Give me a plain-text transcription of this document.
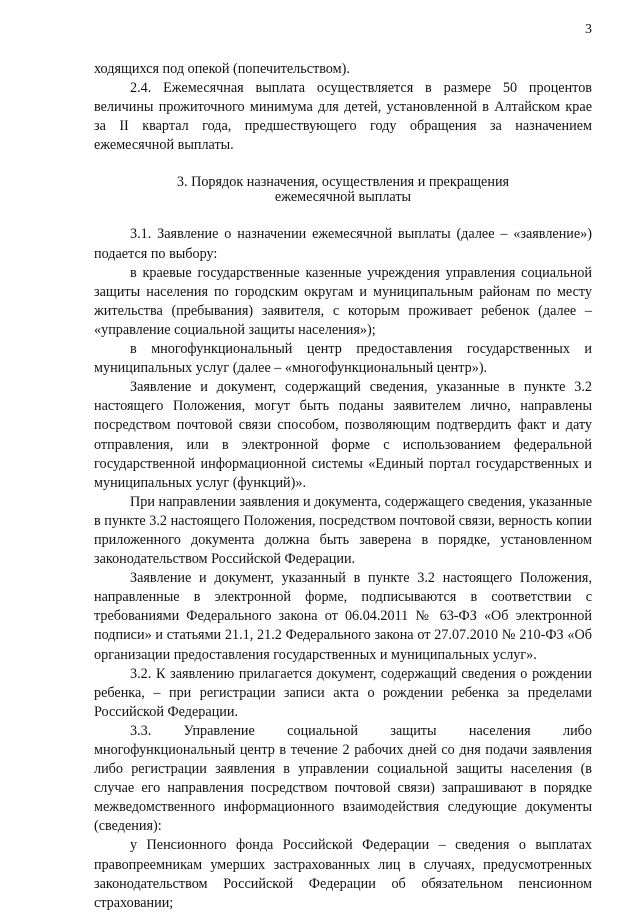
3

ходящихся под опекой (попечительством).

2.4. Ежемесячная выплата осуществляется в размере 50 процентов величины прожиточного минимума для детей, установленной в Алтайском крае за II квартал года, предшествующего году обращения за назначением ежемесячной выплаты.

3. Порядок назначения, осуществления и прекращения
ежемесячной выплаты

3.1. Заявление о назначении ежемесячной выплаты (далее – «заявление») подается по выбору:

в краевые государственные казенные учреждения управления социальной защиты населения по городским округам и муниципальным районам по месту жительства (пребывания) заявителя, с которым проживает ребенок (далее – «управление социальной защиты населения»);

в многофункциональный центр предоставления государственных и муниципальных услуг (далее – «многофункциональный центр»).

Заявление и документ, содержащий сведения, указанные в пункте 3.2 настоящего Положения, могут быть поданы заявителем лично, направлены посредством почтовой связи способом, позволяющим подтвердить факт и дату отправления, или в электронной форме с использованием федеральной государственной информационной системы «Единый портал государственных и муниципальных услуг (функций)».

При направлении заявления и документа, содержащего сведения, указанные в пункте 3.2 настоящего Положения, посредством почтовой связи, верность копии приложенного документа должна быть заверена в порядке, установленном законодательством Российской Федерации.

Заявление и документ, указанный в пункте 3.2 настоящего Положения, направленные в электронной форме, подписываются в соответствии с требованиями Федерального закона от 06.04.2011 № 63-ФЗ «Об электронной подписи» и статьями 21.1, 21.2 Федерального закона от 27.07.2010 № 210-ФЗ «Об организации предоставления государственных и муниципальных услуг».

3.2. К заявлению прилагается документ, содержащий сведения о рождении ребенка, – при регистрации записи акта о рождении ребенка за пределами Российской Федерации.

3.3. Управление социальной защиты населения либо многофункциональный центр в течение 2 рабочих дней со дня подачи заявления либо регистрации заявления в управлении социальной защиты населения (в случае его направления посредством почтовой связи) запрашивают в порядке межведомственного информационного взаимодействия следующие документы (сведения):

у Пенсионного фонда Российской Федерации – сведения о выплатах правопреемникам умерших застрахованных лиц в случаях, предусмотренных законодательством Российской Федерации об обязательном пенсионном страховании;
